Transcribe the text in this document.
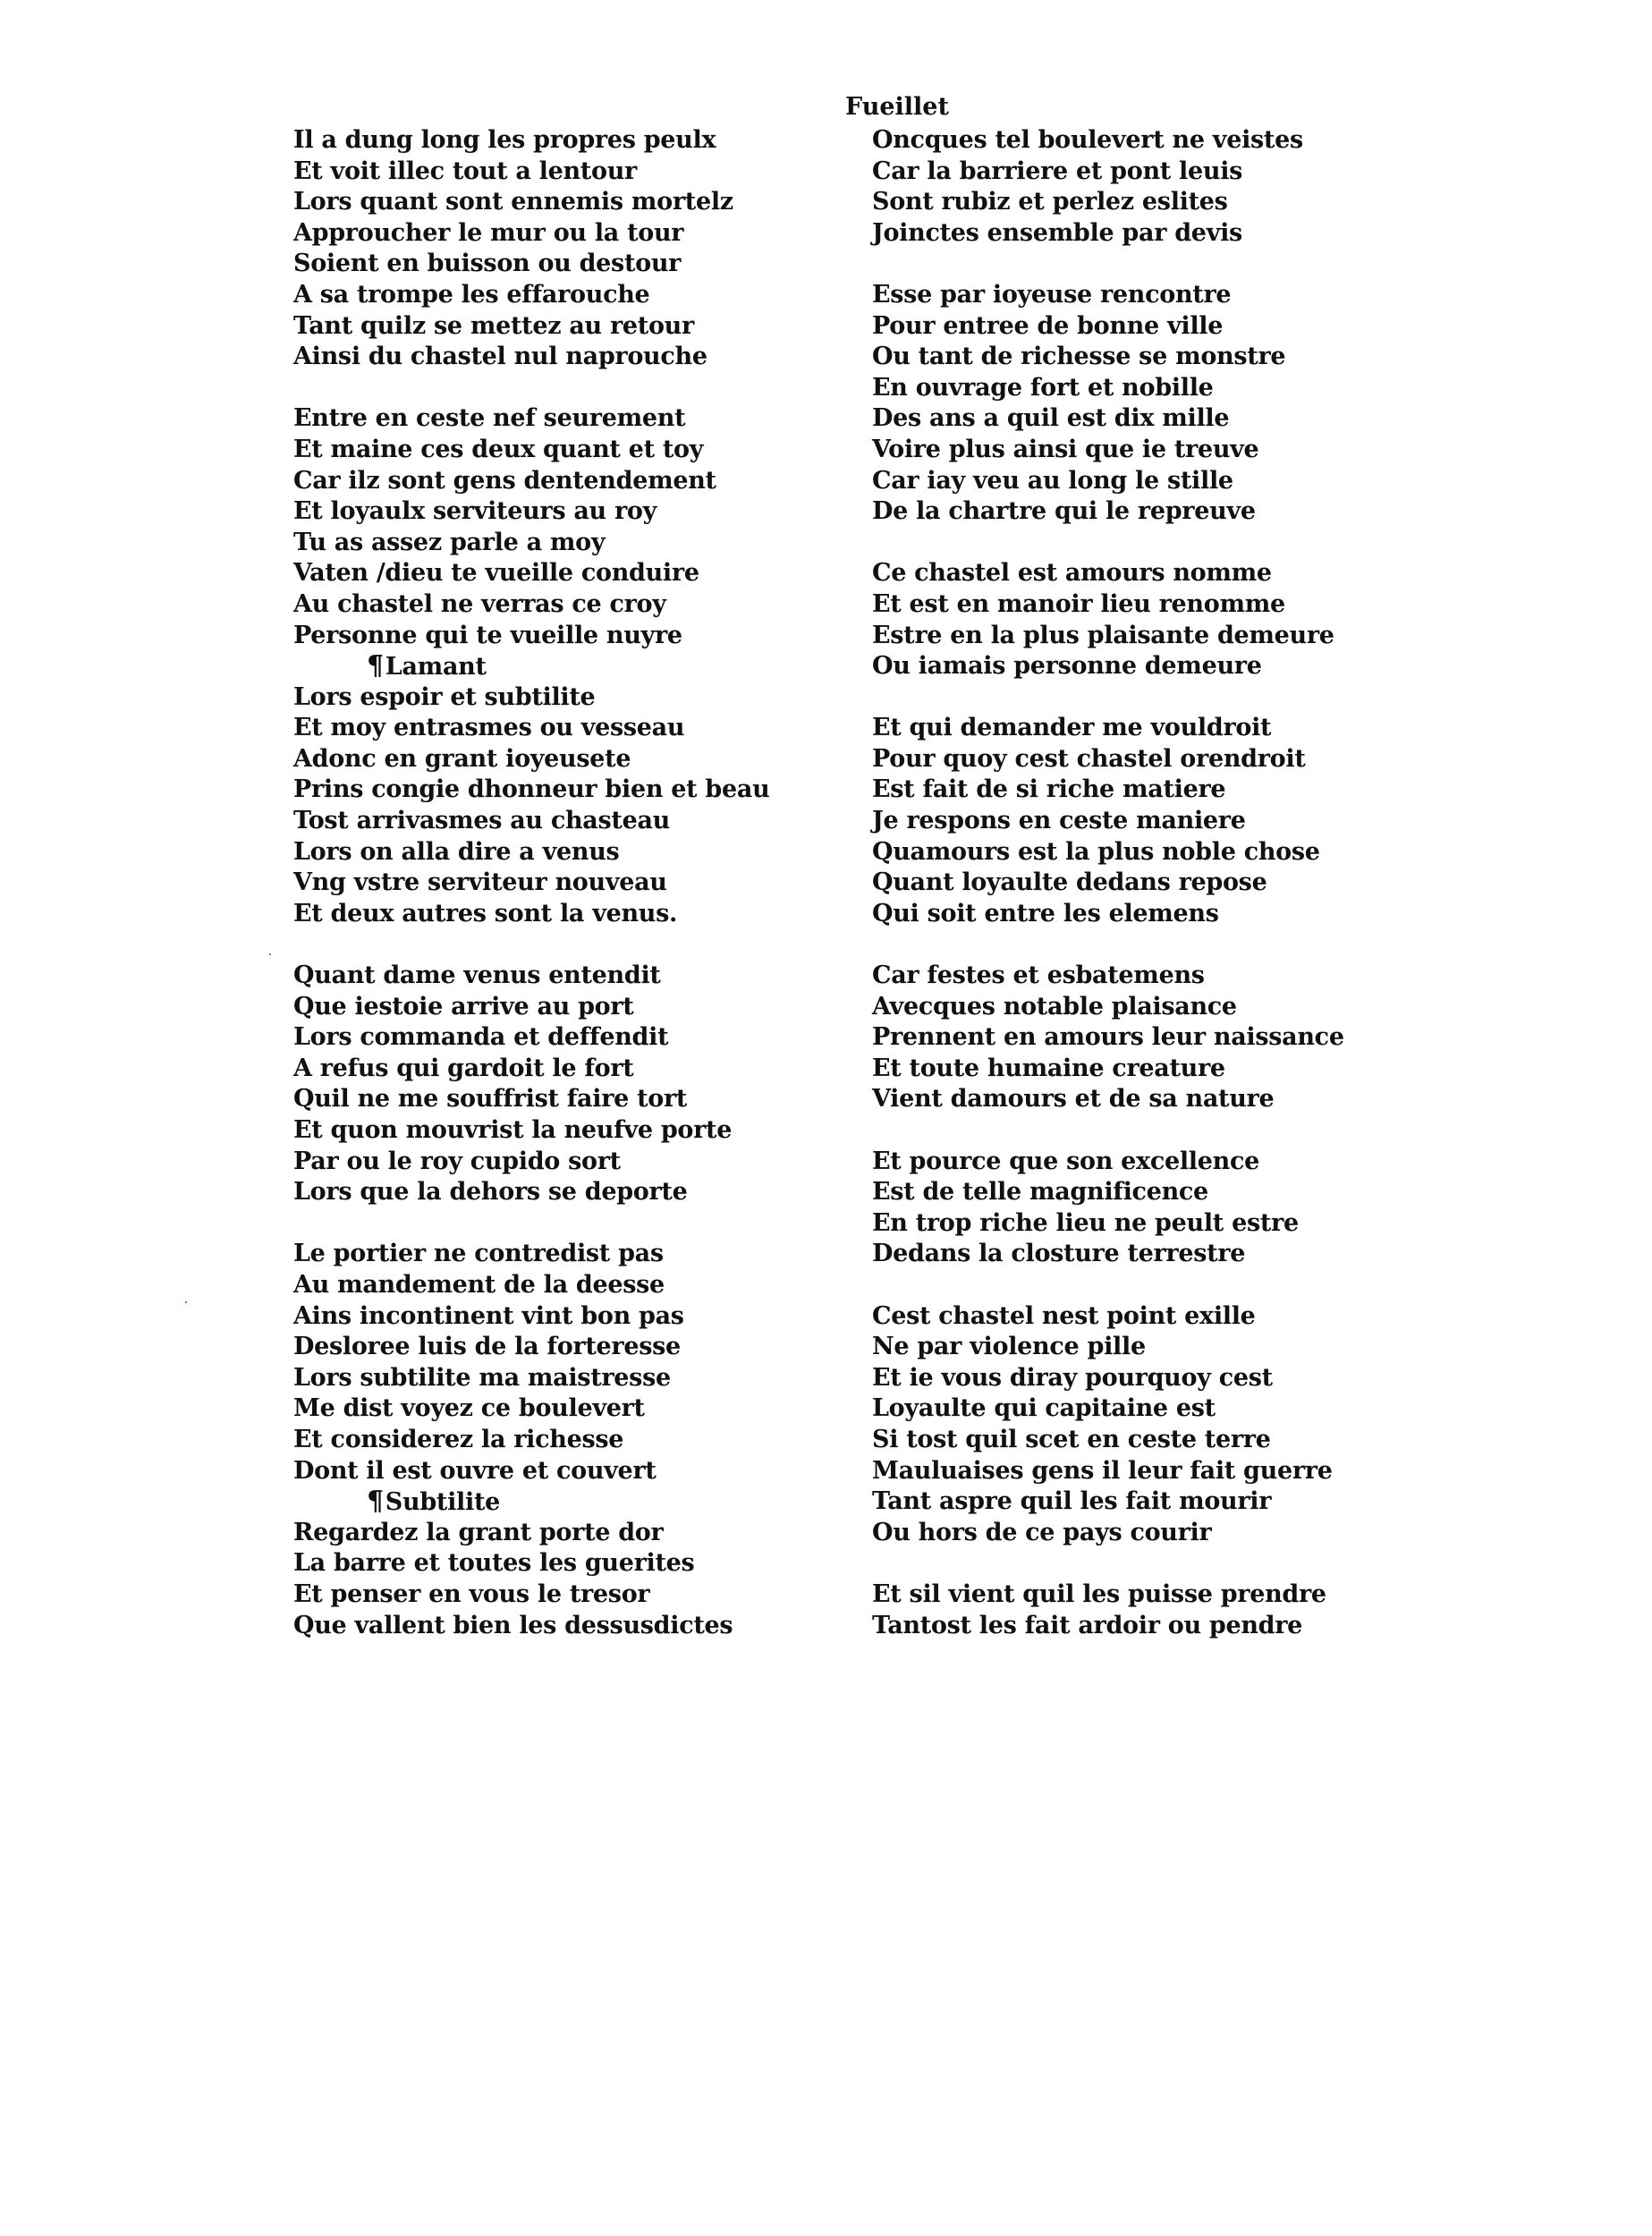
Fueillet
Il a dung long les propres peulx
Et voit illec tout a lentour
Lors quant sont ennemis mortelz
Approucher le mur ou la tour
Soient en buisson ou destour
A sa trompe les effarouche
Tant quilz se mettez au retour
Ainsi du chastel nul naprouche
Entre en ceste nef seurement
Et maine ces deux quant et toy
Car ilz sont gens dentendement
Et loyaulx serviteurs au roy
Tu as assez parle a moy
Vaten /dieu te vueille conduire
Au chastel ne verras ce croy
Personne qui te vueille nuyre
¶Lamant
Lors espoir et subtilite
Et moy entrasmes ou vesseau
Adonc en grant ioyeusete
Prins congie dhonneur bien et beau
Tost arrivasmes au chasteau
Lors on alla dire a venus
Vng vstre serviteur nouveau
Et deux autres sont la venus.
Quant dame venus entendit
Que iestoie arrive au port
Lors commanda et deffendit
A refus qui gardoit le fort
Quil ne me souffrist faire tort
Et quon mouvrist la neufve porte
Par ou le roy cupido sort
Lors que la dehors se deporte
Le portier ne contredist pas
Au mandement de la deesse
Ains incontinent vint bon pas
Desloree luis de la forteresse
Lors subtilite ma maistresse
Me dist voyez ce boulevert
Et considerez la richesse
Dont il est ouvre et couvert
¶Subtilite
Regardez la grant porte dor
La barre et toutes les guerites
Et penser en vous le tresor
Que vallent bien les dessusdictes
Oncques tel boulevert ne veistes
Car la barriere et pont leuis
Sont rubiz et perlez eslites
Joinctes ensemble par devis
Esse par ioyeuse rencontre
Pour entree de bonne ville
Ou tant de richesse se monstre
En ouvrage fort et nobille
Des ans a quil est dix mille
Voire plus ainsi que ie treuve
Car iay veu au long le stille
De la chartre qui le repreuve
Ce chastel est amours nomme
Et est en manoir lieu renomme
Estre en la plus plaisante demeure
Ou iamais personne demeure
Et qui demander me vouldroit
Pour quoy cest chastel orendroit
Est fait de si riche matiere
Je respons en ceste maniere
Quamours est la plus noble chose
Quant loyaulte dedans repose
Qui soit entre les elemens
Car festes et esbatemens
Avecques notable plaisance
Prennent en amours leur naissance
Et toute humaine creature
Vient damours et de sa nature
Et pource que son excellence
Est de telle magnificence
En trop riche lieu ne peult estre
Dedans la closture terrestre
Cest chastel nest point exille
Ne par violence pille
Et ie vous diray pourquoy cest
Loyaulte qui capitaine est
Si tost quil scet en ceste terre
Mauluaises gens il leur fait guerre
Tant aspre quil les fait mourir
Ou hors de ce pays courir
Et sil vient quil les puisse prendre
Tantost les fait ardoir ou pendre
